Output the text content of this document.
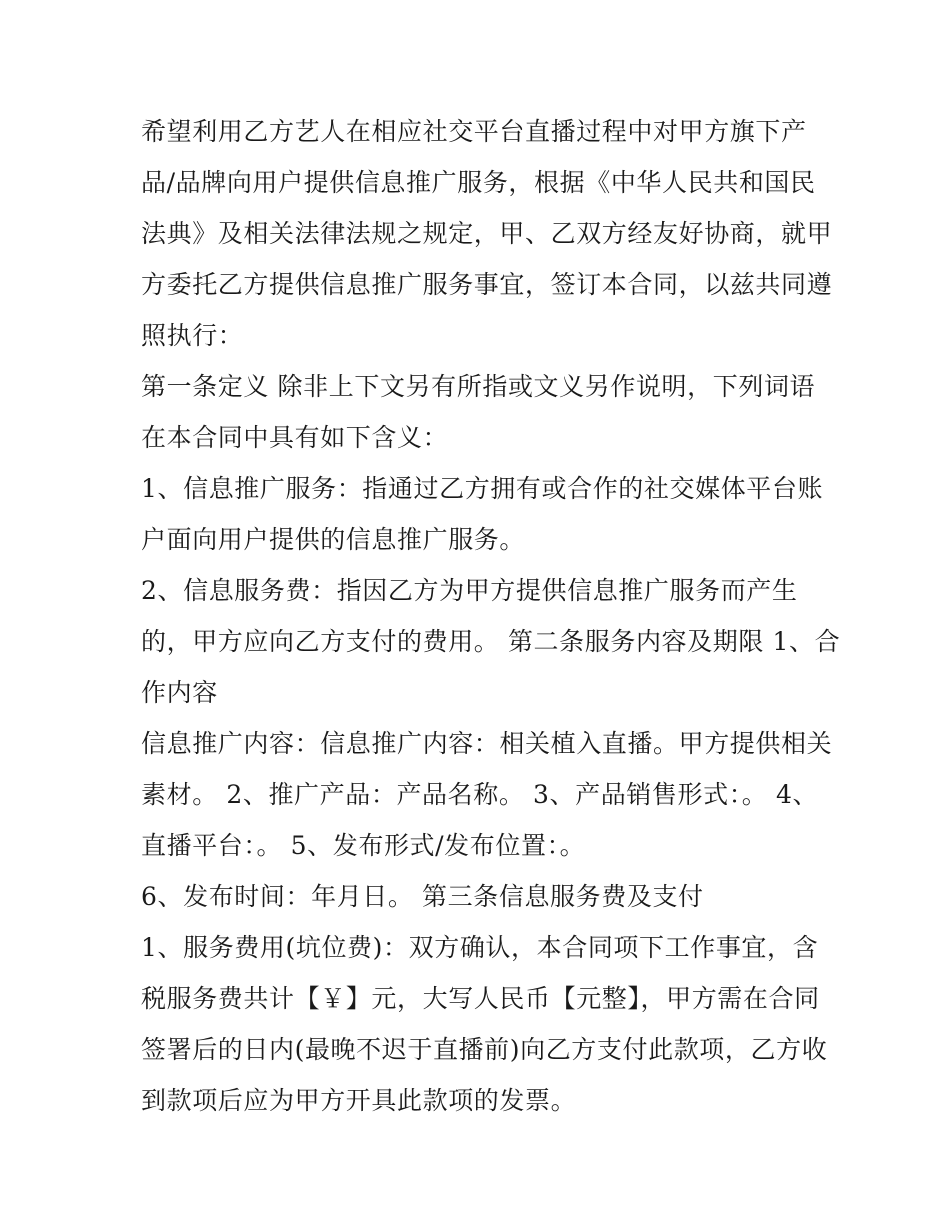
希望利用乙方艺人在相应社交平台直播过程中对甲方旗下产
品/品牌向用户提供信息推广服务，根据《中华人民共和国民
法典》及相关法律法规之规定，甲、乙双方经友好协商，就甲
方委托乙方提供信息推广服务事宜，签订本合同，以兹共同遵
照执行：
第一条定义 除非上下文另有所指或文义另作说明，下列词语
在本合同中具有如下含义：
1、信息推广服务：指通过乙方拥有或合作的社交媒体平台账
户面向用户提供的信息推广服务。
2、信息服务费：指因乙方为甲方提供信息推广服务而产生
的，甲方应向乙方支付的费用。 第二条服务内容及期限 1、合
作内容
信息推广内容：信息推广内容：相关植入直播。甲方提供相关
素材。 2、推广产品：产品名称。 3、产品销售形式：。 4、
直播平台：。 5、发布形式/发布位置：。
6、发布时间：年月日。 第三条信息服务费及支付
1、服务费用(坑位费)：双方确认，本合同项下工作事宜，含
税服务费共计【￥】元，大写人民币【元整】，甲方需在合同
签署后的日内(最晚不迟于直播前)向乙方支付此款项，乙方收
到款项后应为甲方开具此款项的发票。
